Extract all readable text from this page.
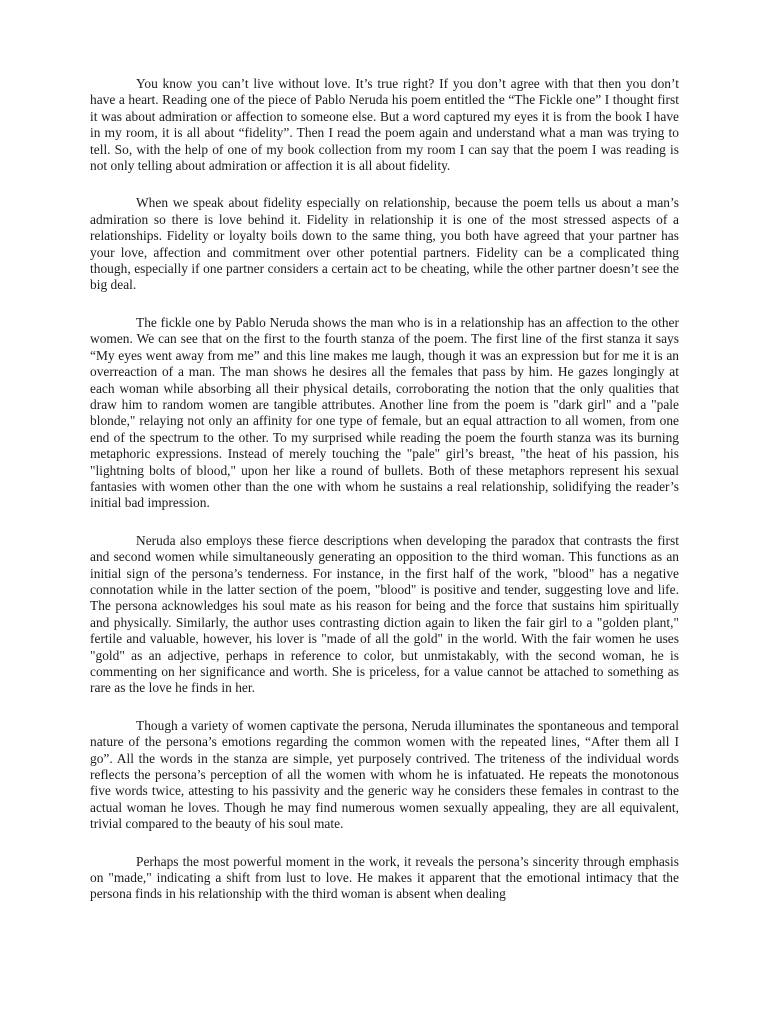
You know you can’t live without love. It’s true right? If you don’t agree with that then you don’t have a heart. Reading one of the piece of Pablo Neruda his poem entitled the “The Fickle one” I thought first it was about admiration or affection to someone else. But a word captured my eyes it is from the book I have in my room, it is all about “fidelity”. Then I read the poem again and understand what a man was trying to tell. So, with the help of one of my book collection from my room I can say that the poem I was reading is not only telling about admiration or affection it is all about fidelity.

When we speak about fidelity especially on relationship, because the poem tells us about a man’s admiration so there is love behind it. Fidelity in relationship it is one of the most stressed aspects of a relationships. Fidelity or loyalty boils down to the same thing, you both have agreed that your partner has your love, affection and commitment over other potential partners. Fidelity can be a complicated thing though, especially if one partner considers a certain act to be cheating, while the other partner doesn’t see the big deal.

The fickle one by Pablo Neruda shows the man who is in a relationship has an affection to the other women. We can see that on the first to the fourth stanza of the poem. The first line of the first stanza it says “My eyes went away from me” and this line makes me laugh, though it was an expression but for me it is an overreaction of a man. The man shows he desires all the females that pass by him. He gazes longingly at each woman while absorbing all their physical details, corroborating the notion that the only qualities that draw him to random women are tangible attributes. Another line from the poem is "dark girl" and a "pale blonde," relaying not only an affinity for one type of female, but an equal attraction to all women, from one end of the spectrum to the other. To my surprised while reading the poem the fourth stanza was its burning metaphoric expressions. Instead of merely touching the "pale" girl’s breast, "the heat of his passion, his "lightning bolts of blood," upon her like a round of bullets. Both of these metaphors represent his sexual fantasies with women other than the one with whom he sustains a real relationship, solidifying the reader’s initial bad impression.

Neruda also employs these fierce descriptions when developing the paradox that contrasts the first and second women while simultaneously generating an opposition to the third woman. This functions as an initial sign of the persona’s tenderness. For instance, in the first half of the work, "blood" has a negative connotation while in the latter section of the poem, "blood" is positive and tender, suggesting love and life. The persona acknowledges his soul mate as his reason for being and the force that sustains him spiritually and physically. Similarly, the author uses contrasting diction again to liken the fair girl to a "golden plant," fertile and valuable, however, his lover is "made of all the gold" in the world. With the fair women he uses "gold" as an adjective, perhaps in reference to color, but unmistakably, with the second woman, he is commenting on her significance and worth. She is priceless, for a value cannot be attached to something as rare as the love he finds in her.

Though a variety of women captivate the persona, Neruda illuminates the spontaneous and temporal nature of the persona’s emotions regarding the common women with the repeated lines, “After them all I go”. All the words in the stanza are simple, yet purposely contrived. The triteness of the individual words reflects the persona’s perception of all the women with whom he is infatuated. He repeats the monotonous five words twice, attesting to his passivity and the generic way he considers these females in contrast to the actual woman he loves. Though he may find numerous women sexually appealing, they are all equivalent, trivial compared to the beauty of his soul mate.

Perhaps the most powerful moment in the work, it reveals the persona’s sincerity through emphasis on "made," indicating a shift from lust to love. He makes it apparent that the emotional intimacy that the persona finds in his relationship with the third woman is absent when dealing
